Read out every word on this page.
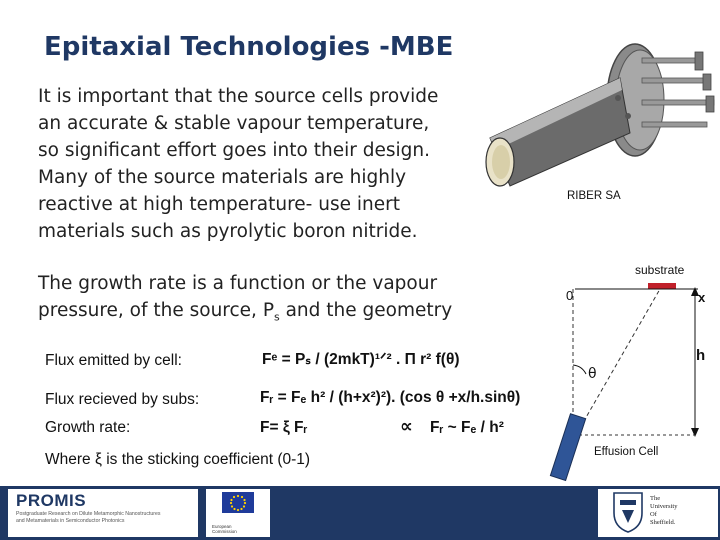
Epitaxial Technologies -MBE
It is important that the source cells provide
an accurate & stable vapour temperature,
so significant effort goes into their design.
Many of the source materials are highly
reactive at high temperature- use inert
materials such as pyrolytic boron nitride.
RIBER SA
The growth rate is a function or the vapour
pressure, of the source, $P_s$ and the geometry
Flux emitted by cell:	Fᵉ = Pₛ / (2mkT)¹ᐟ² . Π r² f(θ)
Flux recieved by subs:	Fᵣ = Fₑ h² / (h+x²)²). (cos θ +x/h.sinθ)
Growth rate:	F= ξ Fᵣ	∝ Fᵣ ~ Fₑ / h²
Where ξ is the sticking coefficient (0-1)
substrate
0	x
h
θ
Effusion Cell
PROMIS
Postgraduate Research on Dilute Metamorphic Nanostructures
and Metamaterials in Semiconductor Photonics
European
Commission
The
University
Of
Sheffield.
